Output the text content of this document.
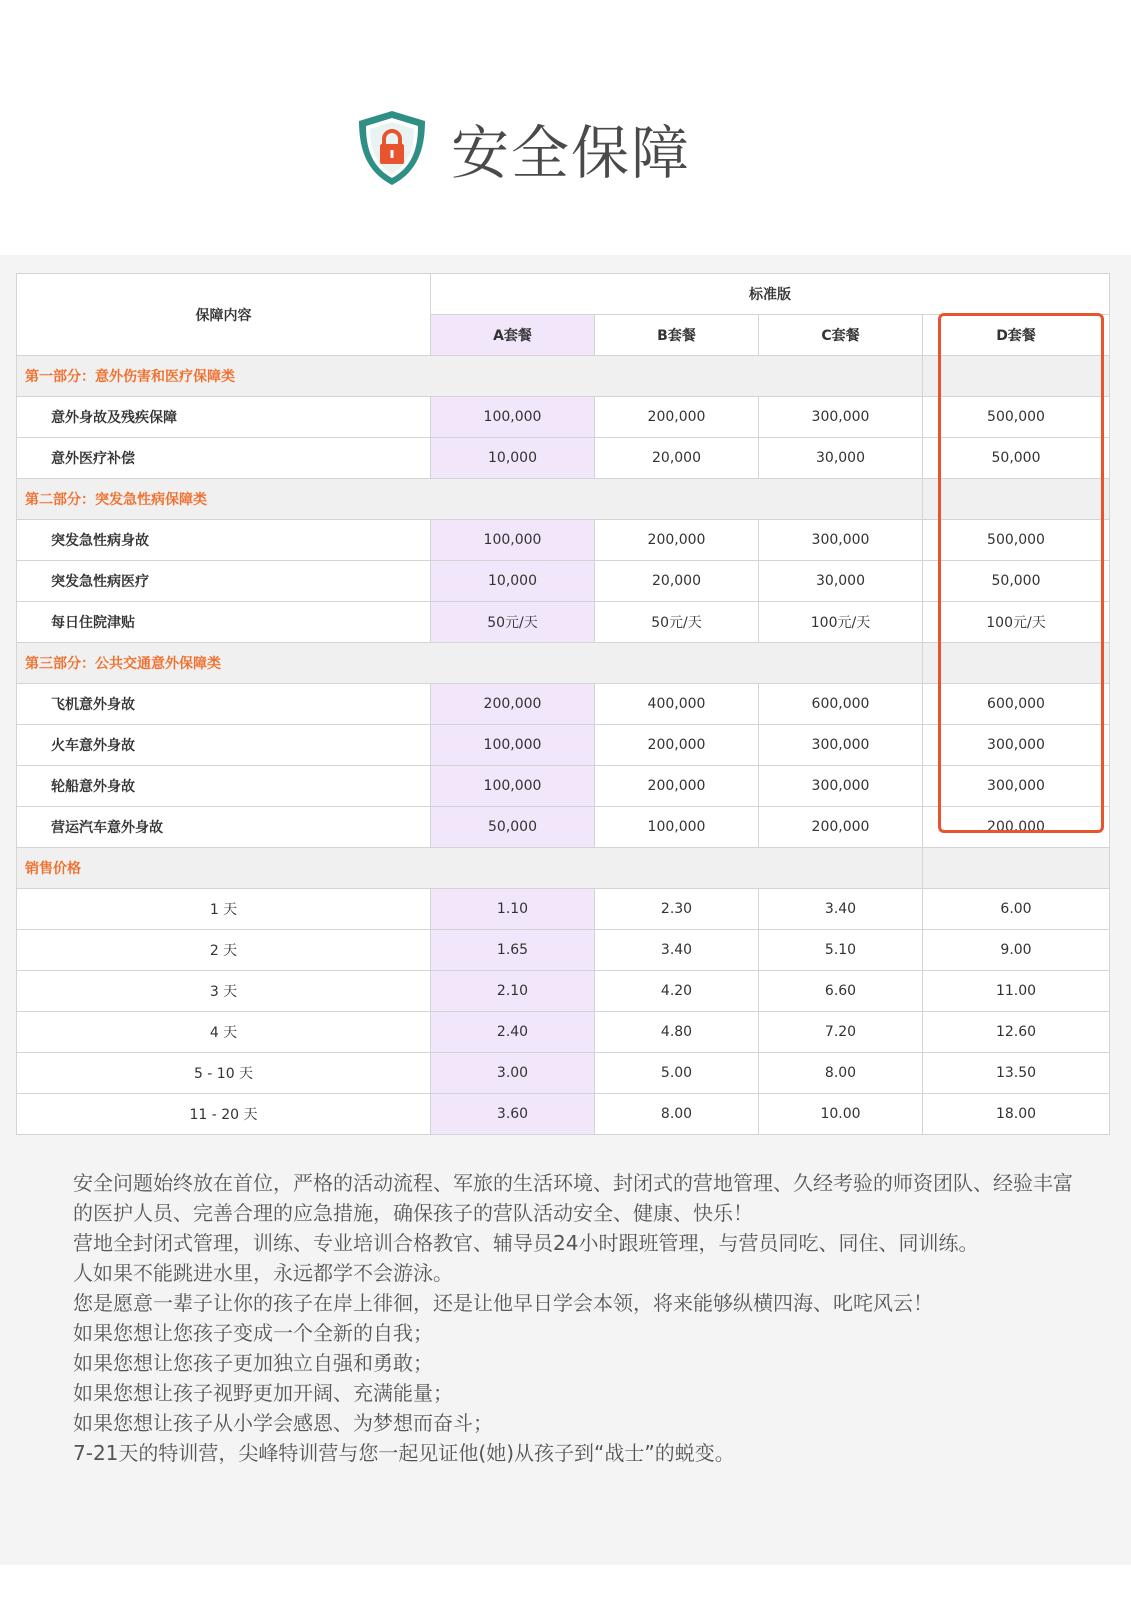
安全保障
保障内容	标准版			
	A套餐	B套餐	C套餐	D套餐
第一部分：意外伤害和医疗保障类				
意外身故及残疾保障	100,000	200,000	300,000	500,000
意外医疗补偿	10,000	20,000	30,000	50,000
第二部分：突发急性病保障类				
突发急性病身故	100,000	200,000	300,000	500,000
突发急性病医疗	10,000	20,000	30,000	50,000
每日住院津贴	50元/天	50元/天	100元/天	100元/天
第三部分：公共交通意外保障类				
飞机意外身故	200,000	400,000	600,000	600,000
火车意外身故	100,000	200,000	300,000	300,000
轮船意外身故	100,000	200,000	300,000	300,000
营运汽车意外身故	50,000	100,000	200,000	200,000
销售价格				
1 天	1.10	2.30	3.40	6.00
2 天	1.65	3.40	5.10	9.00
3 天	2.10	4.20	6.60	11.00
4 天	2.40	4.80	7.20	12.60
5 - 10 天	3.00	5.00	8.00	13.50
11 - 20 天	3.60	8.00	10.00	18.00

安全问题始终放在首位，严格的活动流程、军旅的生活环境、封闭式的营地管理、久经考验的师资团队、经验丰富的医护人员、完善合理的应急措施，确保孩子的营队活动安全、健康、快乐！

营地全封闭式管理，训练、专业培训合格教官、辅导员24小时跟班管理，与营员同吃、同住、同训练。

人如果不能跳进水里，永远都学不会游泳。

您是愿意一辈子让你的孩子在岸上徘徊，还是让他早日学会本领，将来能够纵横四海、叱咤风云！

如果您想让您孩子变成一个全新的自我；

如果您想让您孩子更加独立自强和勇敢；

如果您想让孩子视野更加开阔、充满能量；

如果您想让孩子从小学会感恩、为梦想而奋斗；

7-21天的特训营，尖峰特训营与您一起见证他(她)从孩子到“战士”的蜕变。
